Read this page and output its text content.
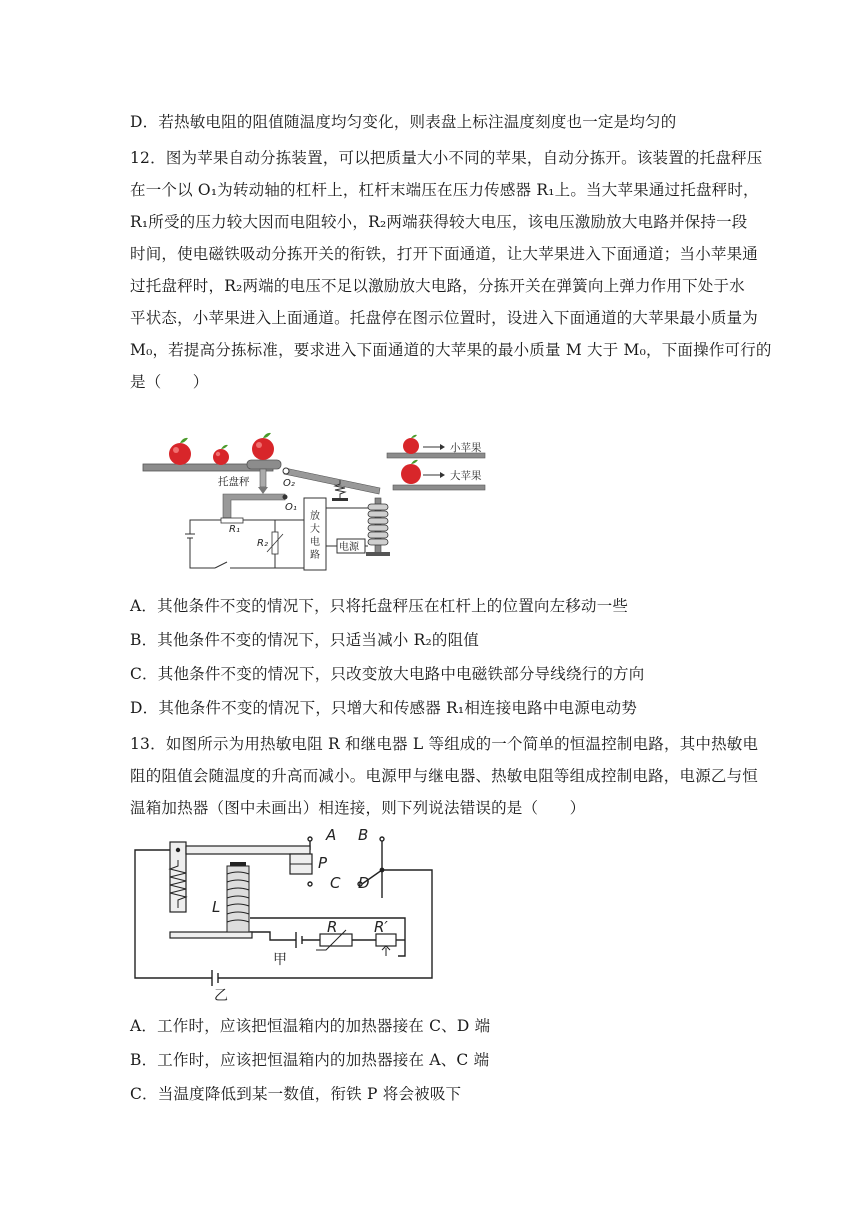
D．若热敏电阻的阻值随温度均匀变化，则表盘上标注温度刻度也一定是均匀的
12．图为苹果自动分拣装置，可以把质量大小不同的苹果，自动分拣开。该装置的托盘秤压
在一个以 O₁为转动轴的杠杆上，杠杆末端压在压力传感器 R₁上。当大苹果通过托盘秤时，
R₁所受的压力较大因而电阻较小，R₂两端获得较大电压，该电压激励放大电路并保持一段
时间，使电磁铁吸动分拣开关的衔铁，打开下面通道，让大苹果进入下面通道；当小苹果通
过托盘秤时，R₂两端的电压不足以激励放大电路，分拣开关在弹簧向上弹力作用下处于水
平状态，小苹果进入上面通道。托盘停在图示位置时，设进入下面通道的大苹果最小质量为
M₀，若提高分拣标准，要求进入下面通道的大苹果的最小质量 M 大于 M₀，下面操作可行的
是（　　）
托盘秤
O₁
R₁
O₂
小苹果
大苹果
放
大
电
路
电源
R₂
A．其他条件不变的情况下，只将托盘秤压在杠杆上的位置向左移动一些
B．其他条件不变的情况下，只适当减小 R₂的阻值
C．其他条件不变的情况下，只改变放大电路中电磁铁部分导线绕行的方向
D．其他条件不变的情况下，只增大和传感器 R₁相连接电路中电源电动势
13．如图所示为用热敏电阻 R 和继电器 L 等组成的一个简单的恒温控制电路，其中热敏电
阻的阻值会随温度的升高而减小。电源甲与继电器、热敏电阻等组成控制电路，电源乙与恒
温箱加热器（图中未画出）相连接，则下列说法错误的是（　　）
A B
P
C D
L
R R′
甲
乙
A．工作时，应该把恒温箱内的加热器接在 C、D 端
B．工作时，应该把恒温箱内的加热器接在 A、C 端
C．当温度降低到某一数值，衔铁 P 将会被吸下
